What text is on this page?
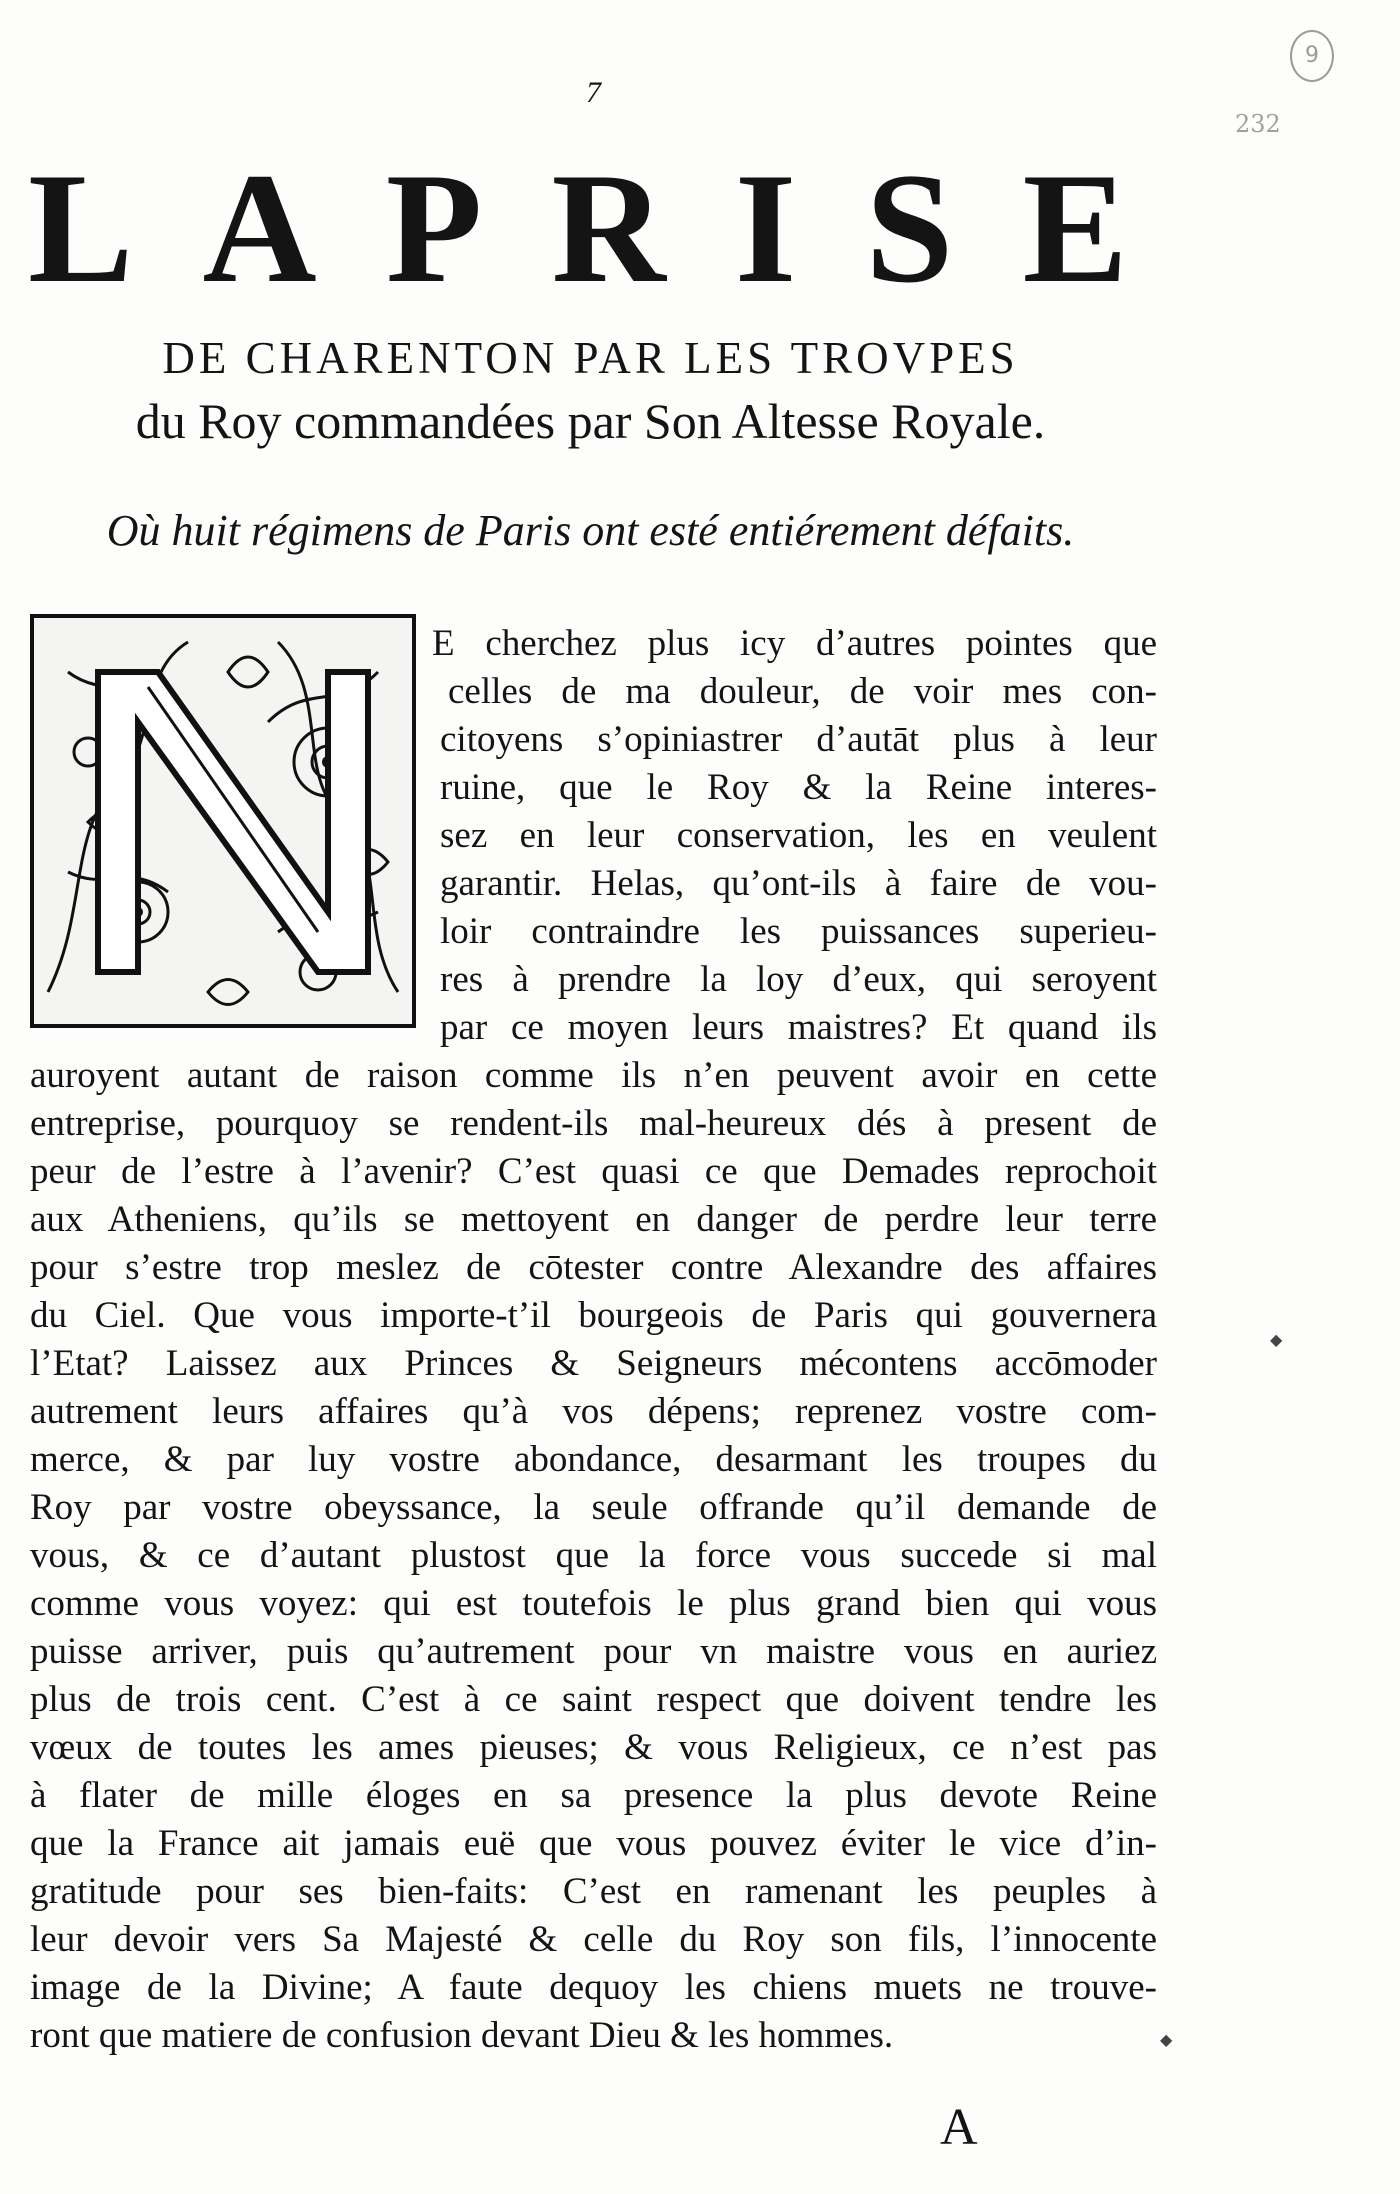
7
9
232
L A P R I S E
DE CHARENTON PAR LES TROVPES
du Roy commandées par Son Altesse Royale.
Où huit régimens de Paris ont esté entiérement défaits.
E cherchez plus icy d’autres pointes que
celles de ma douleur, de voir mes con-
citoyens s’opiniastrer d’autāt plus à leur
ruine, que le Roy & la Reine interes-
sez en leur conservation, les en veulent
garantir. Helas, qu’ont-ils à faire de vou-
loir contraindre les puissances superieu-
res à prendre la loy d’eux, qui seroyent
par ce moyen leurs maistres? Et quand ils
auroyent autant de raison comme ils n’en peuvent avoir en cette
entreprise, pourquoy se rendent-ils mal-heureux dés à present de
peur de l’estre à l’avenir? C’est quasi ce que Demades reprochoit
aux Atheniens, qu’ils se mettoyent en danger de perdre leur terre
pour s’estre trop meslez de cōtester contre Alexandre des affaires
du Ciel. Que vous importe-t’il bourgeois de Paris qui gouvernera
l’Etat? Laissez aux Princes & Seigneurs mécontens accōmoder
autrement leurs affaires qu’à vos dépens; reprenez vostre com-
merce, & par luy vostre abondance, desarmant les troupes du
Roy par vostre obeyssance, la seule offrande qu’il demande de
vous, & ce d’autant plustost que la force vous succede si mal
comme vous voyez: qui est toutefois le plus grand bien qui vous
puisse arriver, puis qu’autrement pour vn maistre vous en auriez
plus de trois cent. C’est à ce saint respect que doivent tendre les
vœux de toutes les ames pieuses; & vous Religieux, ce n’est pas
à flater de mille éloges en sa presence la plus devote Reine
que la France ait jamais euë que vous pouvez éviter le vice d’in-
gratitude pour ses bien-faits: C’est en ramenant les peuples à
leur devoir vers Sa Majesté & celle du Roy son fils, l’innocente
image de la Divine; A faute dequoy les chiens muets ne trouve-
ront que matiere de confusion devant Dieu & les hommes.
◆
◆
A
